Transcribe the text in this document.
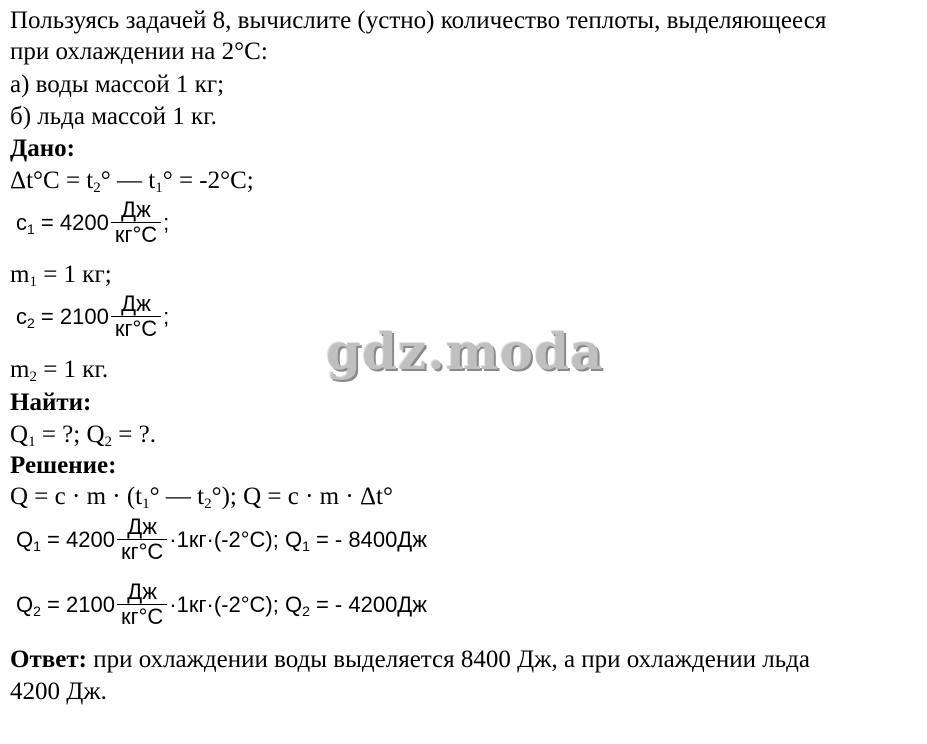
Пользуясь задачей 8, вычислите (устно) количество теплоты, выделяющееся
при охлаждении на 2°С:
а) воды массой 1 кг;
б) льда массой 1 кг.
Дано:
$\Delta t^\circ C = t_2^\circ$ — $t_1^\circ = -2^\circ C$;
$c_1 = 4200 \frac{Дж}{кг^\circ С}$ ;
$m_1 = 1$ кг;
$c_2 = 2100 \frac{Дж}{кг^\circ С}$ ;
$m_2 = 1$ кг.
Найти:
$Q_1$ = ?; $Q_2$ = ?.
Решение:
$Q = c \cdot m \cdot (t_1^\circ$ — $t_2^\circ$); Q = c · m · Δt°
$Q_1 = 4200 \frac{Дж}{кг^\circ С} \cdot 1кг\cdot(-2^\circ С)$; $Q_1$ = - 8400Дж
$Q_2 = 2100 \frac{Дж}{кг^\circ С} \cdot 1кг\cdot(-2^\circ С)$; $Q_2$ = - 4200Дж
Ответ: при охлаждении воды выделяется 8400 Дж, а при охлаждении льда
4200 Дж.
gdz.moda
